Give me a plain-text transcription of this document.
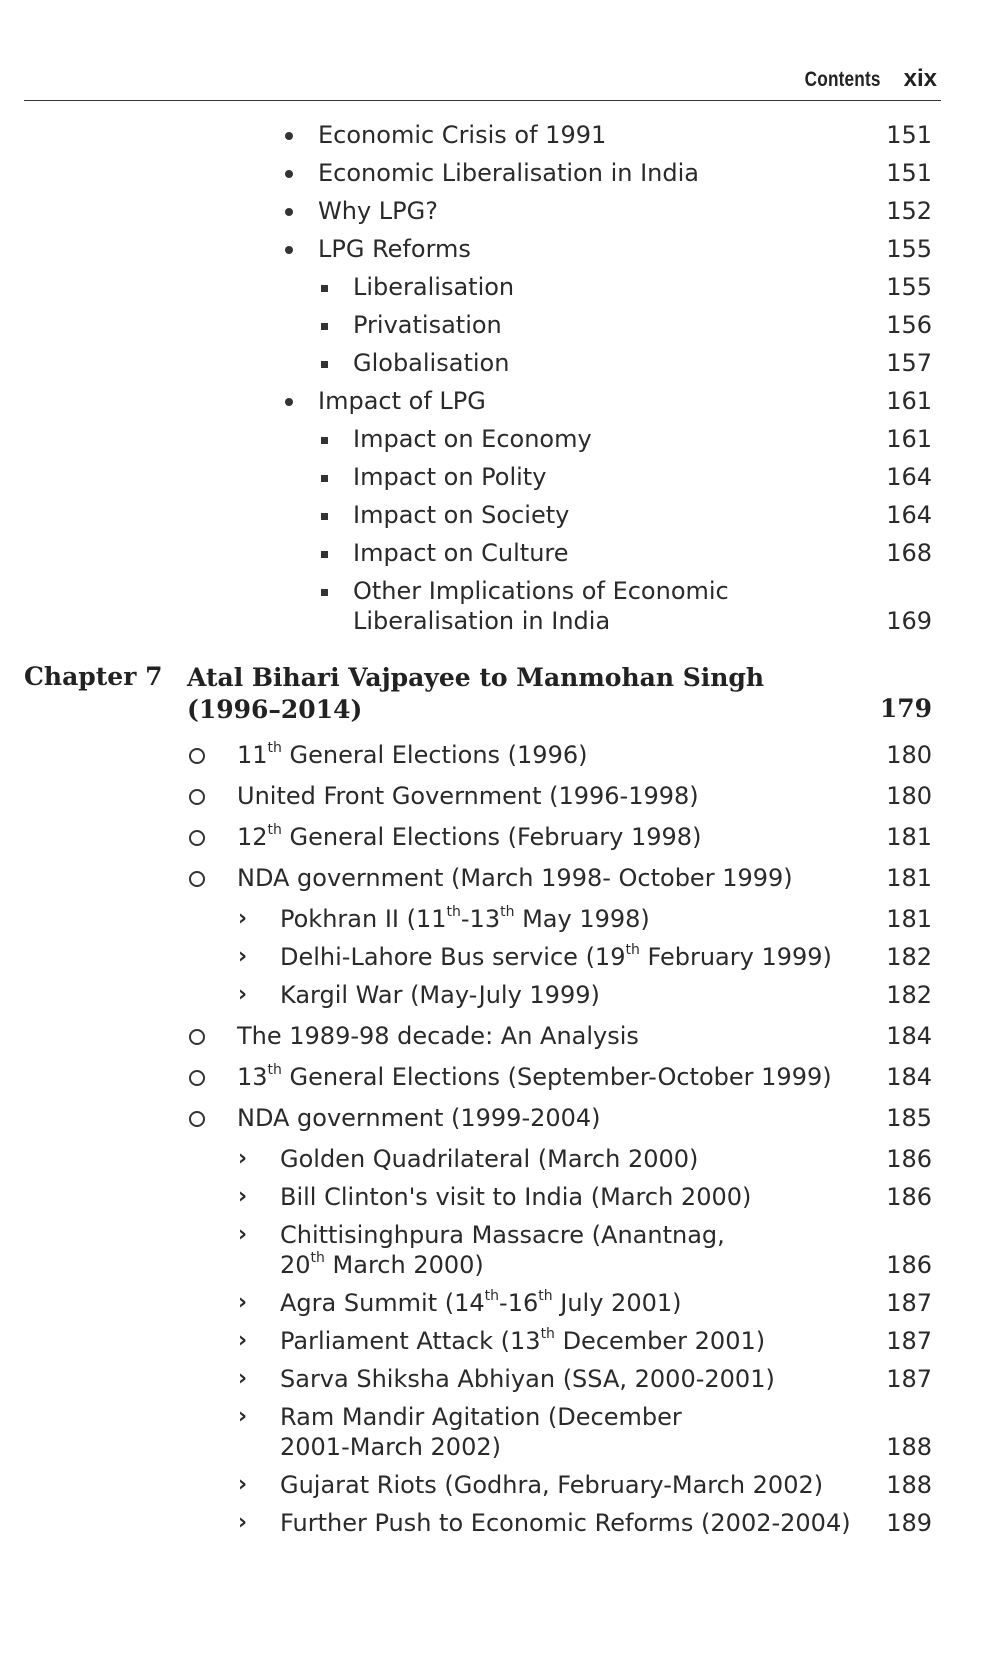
Contents xix
Economic Crisis of 1991	151
Economic Liberalisation in India	151
Why LPG?	152
LPG Reforms	155
Liberalisation	155
Privatisation	156
Globalisation	157
Impact of LPG	161
Impact on Economy	161
Impact on Polity	164
Impact on Society	164
Impact on Culture	168
Other Implications of Economic
Liberalisation in India	169
Chapter 7 Atal Bihari Vajpayee to Manmohan Singh
(1996–2014)	179
11th General Elections (1996)	180
United Front Government (1996-1998)	180
12th General Elections (February 1998)	181
NDA government (March 1998- October 1999)	181
› Pokhran II (11th-13th May 1998)	181
› Delhi-Lahore Bus service (19th February 1999) 182
› Kargil War (May-July 1999)	182
The 1989-98 decade: An Analysis	184
13th General Elections (September-October 1999) 184
NDA government (1999-2004)	185
› Golden Quadrilateral (March 2000)	186
› Bill Clinton's visit to India (March 2000)	186
› Chittisinghpura Massacre (Anantnag,
20th March 2000)	186
› Agra Summit (14th-16th July 2001)	187
› Parliament Attack (13th December 2001)	187
› Sarva Shiksha Abhiyan (SSA, 2000-2001)	187
› Ram Mandir Agitation (December
2001-March 2002)	188
› Gujarat Riots (Godhra, February-March 2002)	188
› Further Push to Economic Reforms (2002-2004) 189
